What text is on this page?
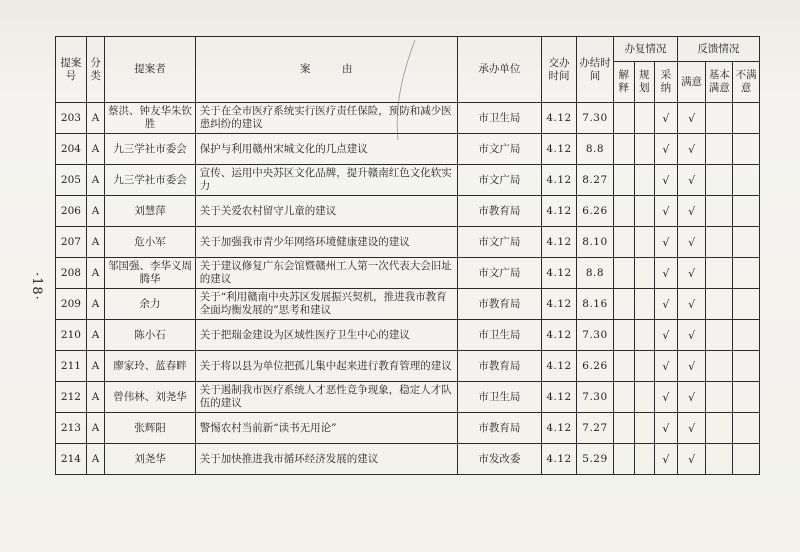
·18·
提案号	分类	提案者	案　　　由	承办单位	交办时间	办结时间	办复情况			反馈情况		
							解释	规划	采纳	满意	基本满意	不满意
203	A	蔡洪、钟友华朱钦胜	关于在全市医疗系统实行医疗责任保险，预防和减少医患纠纷的建议	市卫生局	4.12	7.30			√	√		
204	A	九三学社市委会	保护与利用赣州宋城文化的几点建议	市文广局	4.12	8.8			√	√		
205	A	九三学社市委会	宣传、运用中央苏区文化品牌，提升赣南红色文化软实力	市文广局	4.12	8.27			√	√		
206	A	刘慧萍	关于关爱农村留守儿童的建议	市教育局	4.12	6.26			√	√		
207	A	危小军	关于加强我市青少年网络环境健康建设的建议	市文广局	4.12	8.10			√	√		
208	A	邹国强、李华义周腾华	关于建议修复广东会馆暨赣州工人第一次代表大会旧址的建议	市文广局	4.12	8.8			√	√		
209	A	余力	关于“利用赣南中央苏区发展振兴契机，推进我市教育全面均衡发展的”思考和建议	市教育局	4.12	8.16			√	√		
210	A	陈小石	关于把瑞金建设为区域性医疗卫生中心的建议	市卫生局	4.12	7.30			√	√		
211	A	廖家玲、蓝春畔	关于将以县为单位把孤儿集中起来进行教育管理的建议	市教育局	4.12	6.26			√	√		
212	A	曾伟林、刘尧华	关于遏制我市医疗系统人才恶性竞争现象，稳定人才队伍的建议	市卫生局	4.12	7.30			√	√		
213	A	张辉阳	警惕农村当前新“读书无用论”	市教育局	4.12	7.27			√	√		
214	A	刘尧华	关于加快推进我市循环经济发展的建议	市发改委	4.12	5.29			√	√		
